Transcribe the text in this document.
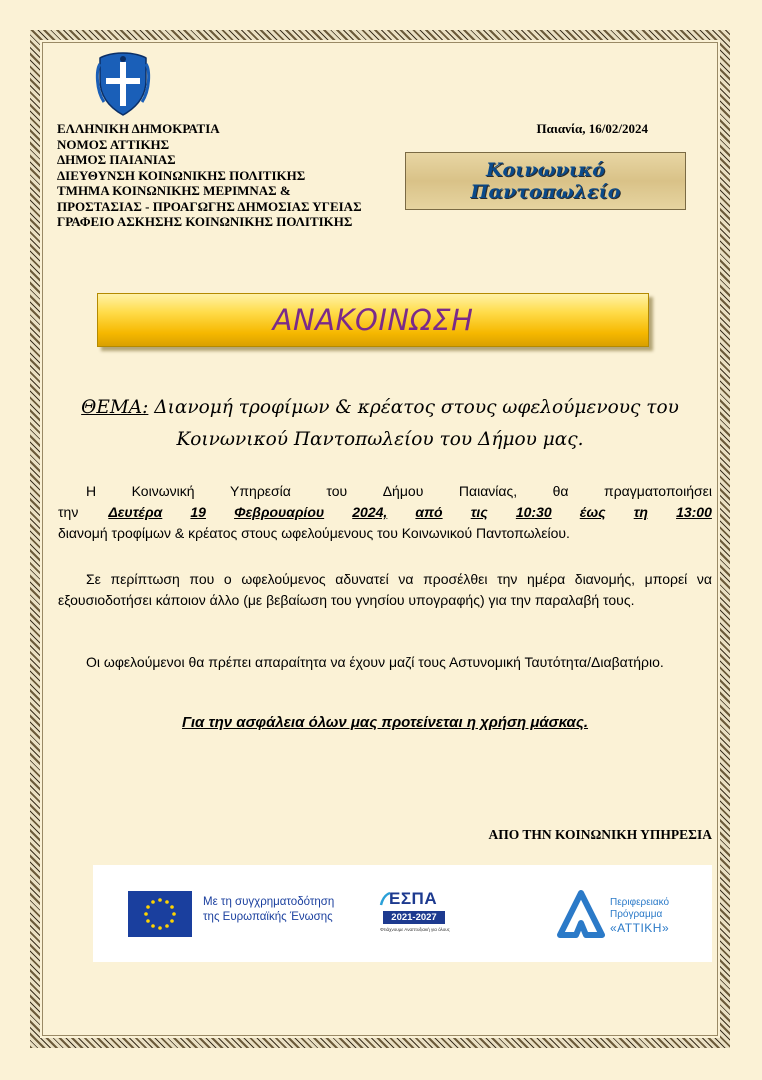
ΕΛΛΗΝΙΚΗ ΔΗΜΟΚΡΑΤΙΑ
ΝΟΜΟΣ ΑΤΤΙΚΗΣ
ΔΗΜΟΣ ΠΑΙΑΝΙΑΣ
ΔΙΕΥΘΥΝΣΗ ΚΟΙΝΩΝΙΚΗΣ ΠΟΛΙΤΙΚΗΣ
ΤΜΗΜΑ ΚΟΙΝΩΝΙΚΗΣ ΜΕΡΙΜΝΑΣ &
ΠΡΟΣΤΑΣΙΑΣ - ΠΡΟΑΓΩΓΗΣ ΔΗΜΟΣΙΑΣ ΥΓΕΙΑΣ
ΓΡΑΦΕΙΟ ΑΣΚΗΣΗΣ ΚΟΙΝΩΝΙΚΗΣ ΠΟΛΙΤΙΚΗΣ
Παιανία, 16/02/2024
Κοινωνικό
Παντοπωλείο
ΑΝΑΚΟΙΝΩΣΗ
ΘΕΜΑ: Διανομή τροφίμων & κρέατος στους ωφελούμενους του
Κοινωνικού Παντοπωλείου του Δήμου μας.
Η	Κοινωνική	Υπηρεσία	του	Δήμου	Παιανίας,	θα	πραγματοποιήσει
την Δευτέρα 19 Φεβρουαρίου 2024, από τις 10:30 έως τη 13:00
διανομή τροφίμων & κρέατος στους ωφελούμενους του Κοινωνικού Παντοπωλείου.
Σε περίπτωση που ο ωφελούμενος αδυνατεί να προσέλθει την ημέρα διανομής, μπορεί να εξουσιοδοτήσει κάποιον άλλο (με βεβαίωση του γνησίου υπογραφής) για την παραλαβή τους.
Οι ωφελούμενοι θα πρέπει απαραίτητα να έχουν μαζί τους Αστυνομική Ταυτότητα/Διαβατήριο.
Για την ασφάλεια όλων μας προτείνεται η χρήση μάσκας.
ΑΠΟ ΤΗΝ ΚΟΙΝΩΝΙΚΗ ΥΠΗΡΕΣΙΑ
Με τη συγχρηματοδότηση
της Ευρωπαϊκής Ένωσης
ΕΣΠΑ
2021-2027
Φτιάχνουμε Αναπτυξιακή για όλους
Περιφερειακό
Πρόγραμμα
«ΑΤΤΙΚΗ»
